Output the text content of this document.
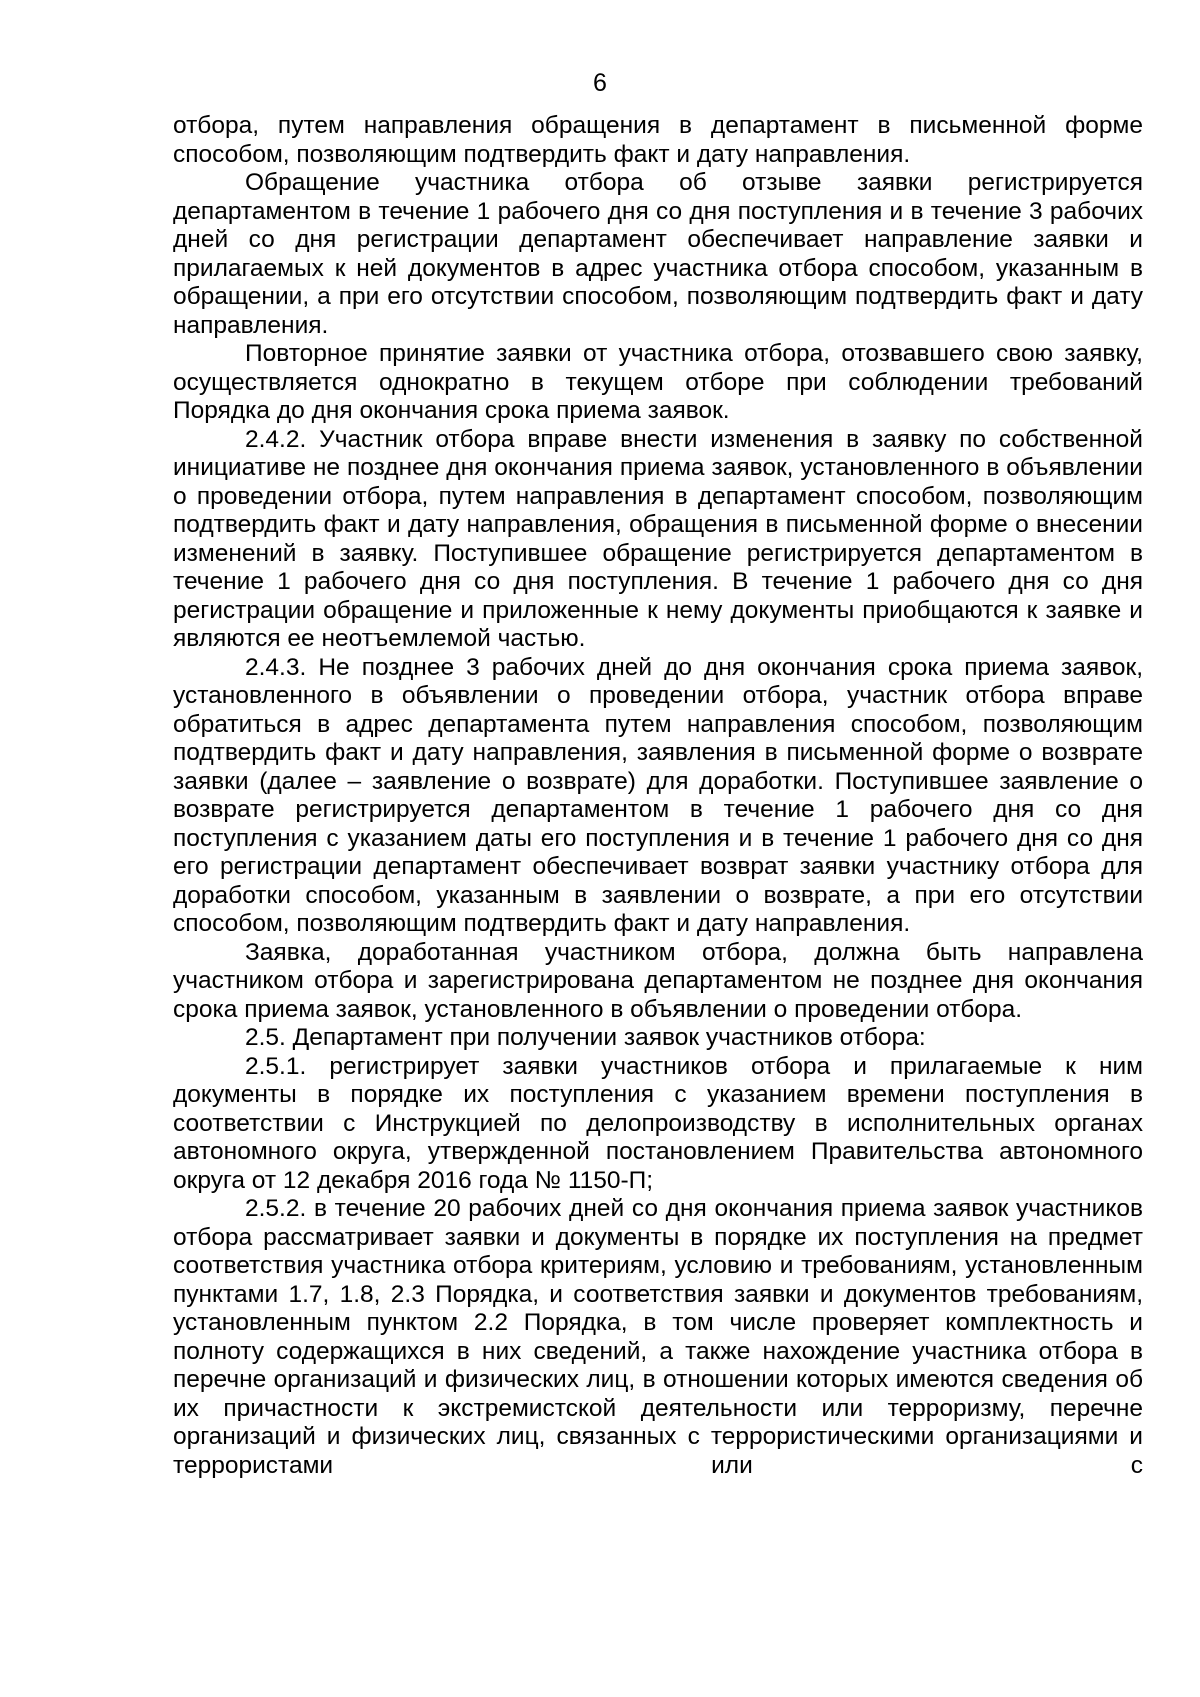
6

отбора, путем направления обращения в департамент в письменной форме способом, позволяющим подтвердить факт и дату направления.

Обращение участника отбора об отзыве заявки регистрируется департаментом в течение 1 рабочего дня со дня поступления и в течение 3 рабочих дней со дня регистрации департамент обеспечивает направление заявки и прилагаемых к ней документов в адрес участника отбора способом, указанным в обращении, а при его отсутствии способом, позволяющим подтвердить факт и дату направления.

Повторное принятие заявки от участника отбора, отозвавшего свою заявку, осуществляется однократно в текущем отборе при соблюдении требований Порядка до дня окончания срока приема заявок.

2.4.2. Участник отбора вправе внести изменения в заявку по собственной инициативе не позднее дня окончания приема заявок, установленного в объявлении о проведении отбора, путем направления в департамент способом, позволяющим подтвердить факт и дату направления, обращения в письменной форме о внесении изменений в заявку. Поступившее обращение регистрируется департаментом в течение 1 рабочего дня со дня поступления. В течение 1 рабочего дня со дня регистрации обращение и приложенные к нему документы приобщаются к заявке и являются ее неотъемлемой частью.

2.4.3. Не позднее 3 рабочих дней до дня окончания срока приема заявок, установленного в объявлении о проведении отбора, участник отбора вправе обратиться в адрес департамента путем направления способом, позволяющим подтвердить факт и дату направления, заявления в письменной форме о возврате заявки (далее – заявление о возврате) для доработки. Поступившее заявление о возврате регистрируется департаментом в течение 1 рабочего дня со дня поступления с указанием даты его поступления и в течение 1 рабочего дня со дня его регистрации департамент обеспечивает возврат заявки участнику отбора для доработки способом, указанным в заявлении о возврате, а при его отсутствии способом, позволяющим подтвердить факт и дату направления.

Заявка, доработанная участником отбора, должна быть направлена участником отбора и зарегистрирована департаментом не позднее дня окончания срока приема заявок, установленного в объявлении о проведении отбора.

2.5. Департамент при получении заявок участников отбора:

2.5.1. регистрирует заявки участников отбора и прилагаемые к ним документы в порядке их поступления с указанием времени поступления в соответствии с Инструкцией по делопроизводству в исполнительных органах автономного округа, утвержденной постановлением Правительства автономного округа от 12 декабря 2016 года № 1150-П;

2.5.2. в течение 20 рабочих дней со дня окончания приема заявок участников отбора рассматривает заявки и документы в порядке их поступления на предмет соответствия участника отбора критериям, условию и требованиям, установленным пунктами 1.7, 1.8, 2.3 Порядка, и соответствия заявки и документов требованиям, установленным пунктом 2.2 Порядка, в том числе проверяет комплектность и полноту содержащихся в них сведений, а также нахождение участника отбора в перечне организаций и физических лиц, в отношении которых имеются сведения об их причастности к экстремистской деятельности или терроризму, перечне организаций и физических лиц, связанных с террористическими организациями и террористами или с
